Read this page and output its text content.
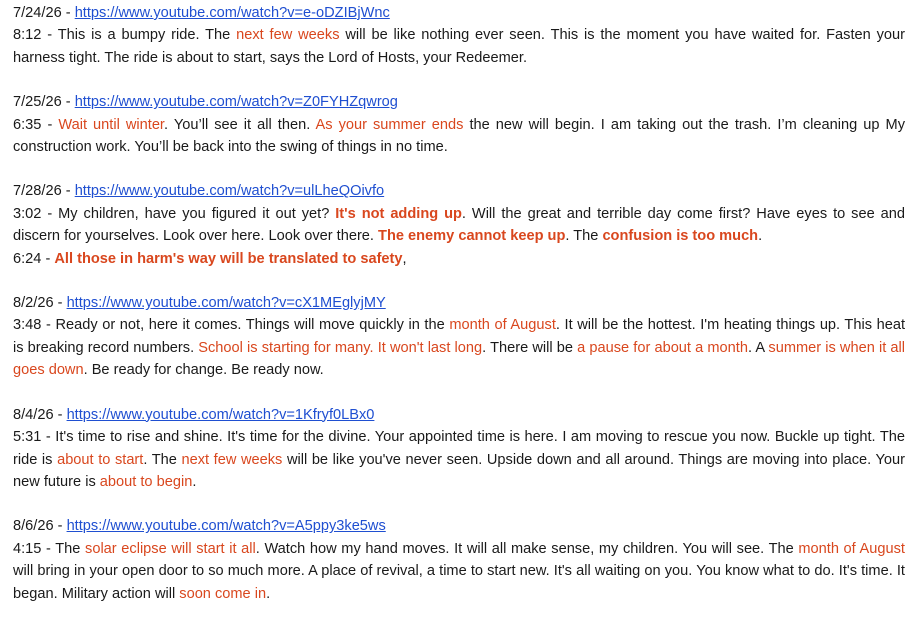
7/24/26 - https://www.youtube.com/watch?v=e-oDZIBjWnc
8:12 - This is a bumpy ride. The next few weeks will be like nothing ever seen. This is the moment you have waited for. Fasten your harness tight. The ride is about to start, says the Lord of Hosts, your Redeemer.
7/25/26 - https://www.youtube.com/watch?v=Z0FYHZqwrog
6:35 - Wait until winter. You’ll see it all then. As your summer ends the new will begin. I am taking out the trash. I’m cleaning up My construction work. You’ll be back into the swing of things in no time.
7/28/26 - https://www.youtube.com/watch?v=ulLheQOivfo
3:02 - My children, have you figured it out yet? It's not adding up. Will the great and terrible day come first? Have eyes to see and discern for yourselves. Look over here. Look over there. The enemy cannot keep up. The confusion is too much.
6:24 - All those in harm's way will be translated to safety,
8/2/26 - https://www.youtube.com/watch?v=cX1MEglyjMY
3:48 - Ready or not, here it comes. Things will move quickly in the month of August. It will be the hottest. I'm heating things up. This heat is breaking record numbers. School is starting for many. It won't last long. There will be a pause for about a month. A summer is when it all goes down. Be ready for change. Be ready now.
8/4/26 - https://www.youtube.com/watch?v=1Kfryf0LBx0
5:31 - It's time to rise and shine. It's time for the divine. Your appointed time is here. I am moving to rescue you now. Buckle up tight. The ride is about to start. The next few weeks will be like you've never seen. Upside down and all around. Things are moving into place. Your new future is about to begin.
8/6/26 - https://www.youtube.com/watch?v=A5ppy3ke5ws
4:15 - The solar eclipse will start it all. Watch how my hand moves. It will all make sense, my children. You will see. The month of August will bring in your open door to so much more. A place of revival, a time to start new. It's all waiting on you. You know what to do. It's time. It began. Military action will soon come in.
